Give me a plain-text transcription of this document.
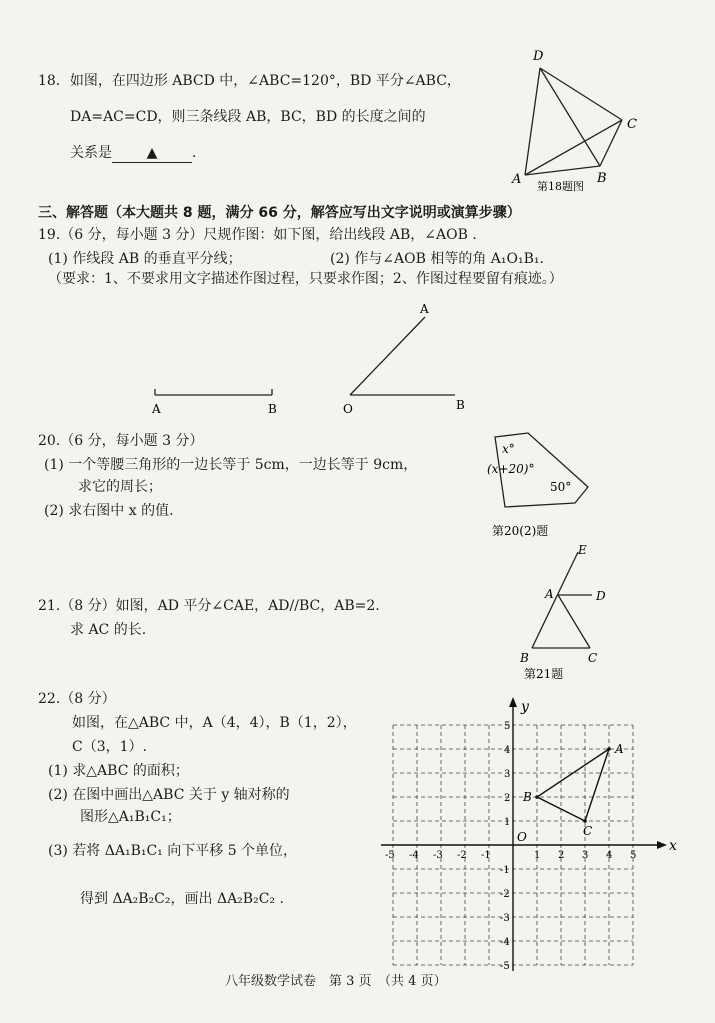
18．如图，在四边形 ABCD 中，∠ABC=120°，BD 平分∠ABC，
DA=AC=CD，则三条线段 AB，BC，BD 的长度之间的
关系是 ▲ .
D
C
A	B
第18题图
三、解答题（本大题共 8 题，满分 66 分，解答应写出文字说明或演算步骤）
19.（6 分，每小题 3 分）尺规作图：如下图，给出线段 AB，∠AOB .
(1) 作线段 AB 的垂直平分线；	(2) 作与∠AOB 相等的角 A₁O₁B₁.
（要求：1、不要求用文字描述作图过程，只要求作图；2、作图过程要留有痕迹。）
A	B
A
O	B
20.（6 分，每小题 3 分）
(1) 一个等腰三角形的一边长等于 5cm，一边长等于 9cm，
求它的周长；
(2) 求右图中 x 的值.
x°
(x+20)°
50°
第20(2)题
21.（8 分）如图，AD 平分∠CAE，AD//BC，AB=2.
求 AC 的长.
E
A	D
B	C
第21题
22.（8 分）
如图，在△ABC 中，A（4，4），B（1，2），
C（3，1）.
(1) 求△ABC 的面积；
(2) 在图中画出△ABC 关于 y 轴对称的
图形△A₁B₁C₁；
(3) 若将 ΔA₁B₁C₁ 向下平移 5 个单位，
得到 ΔA₂B₂C₂，画出 ΔA₂B₂C₂ .
-5 -4 -3 -2 -1	1 2 3 4 5
-5
-4
-3
-2
-1
1
2
3
4
5
A
B
C
x
y
O
八年级数学试卷　第 3 页　（共 4 页）
